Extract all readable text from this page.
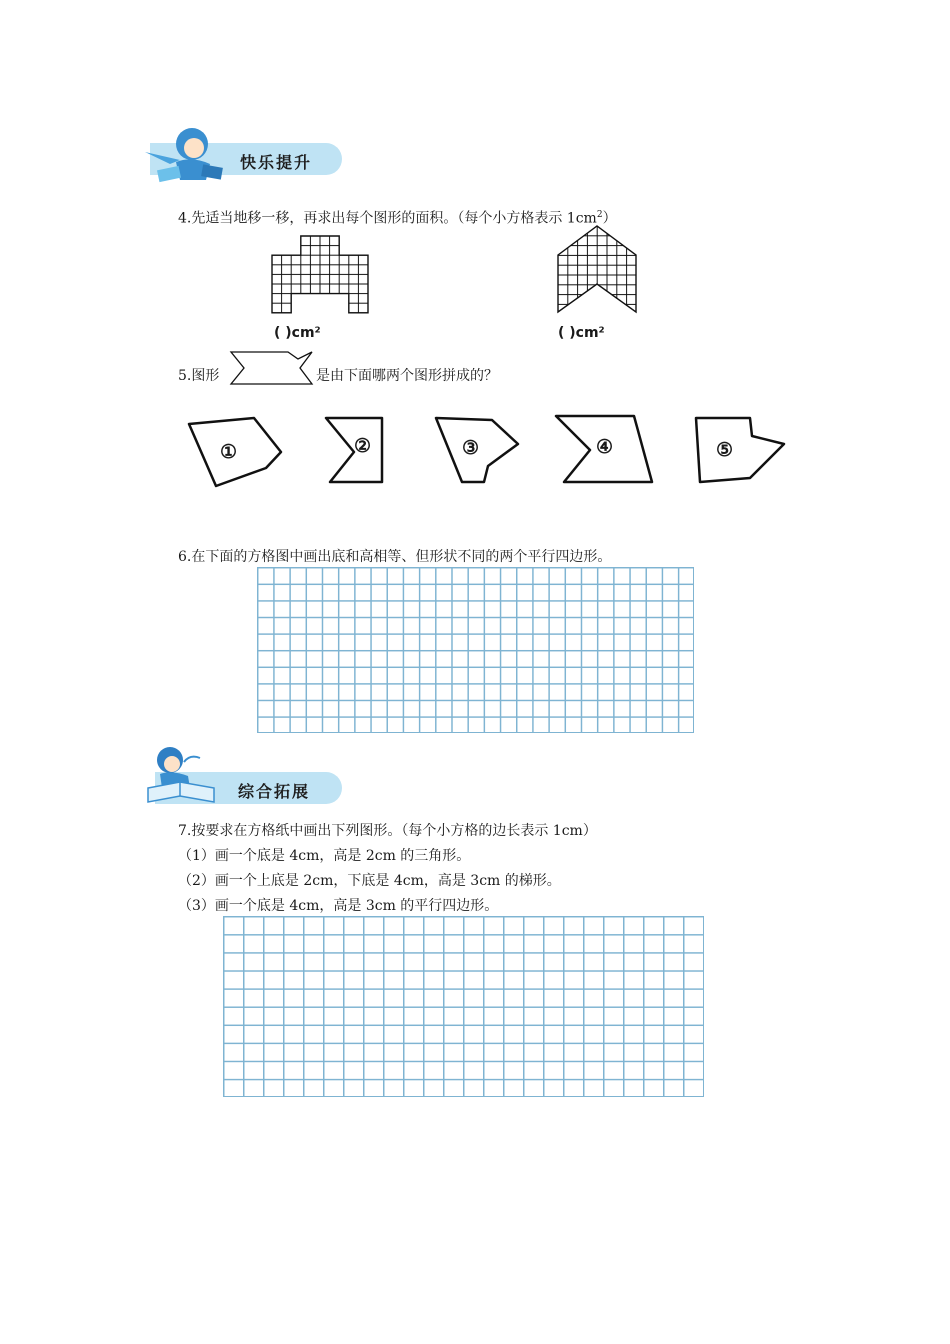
快乐提升
4.先适当地移一移，再求出每个图形的面积。（每个小方格表示 $1cm^2$）
( )cm²	( )cm²
5.图形	是由下面哪两个图形拼成的？
①	②	③	④	⑤
6.在下面的方格图中画出底和高相等、但形状不同的两个平行四边形。
综合拓展
7.按要求在方格纸中画出下列图形。（每个小方格的边长表示 1cm）
（1）画一个底是 4cm，高是 2cm 的三角形。
（2）画一个上底是 2cm，下底是 4cm，高是 3cm 的梯形。
（3）画一个底是 4cm，高是 3cm 的平行四边形。
